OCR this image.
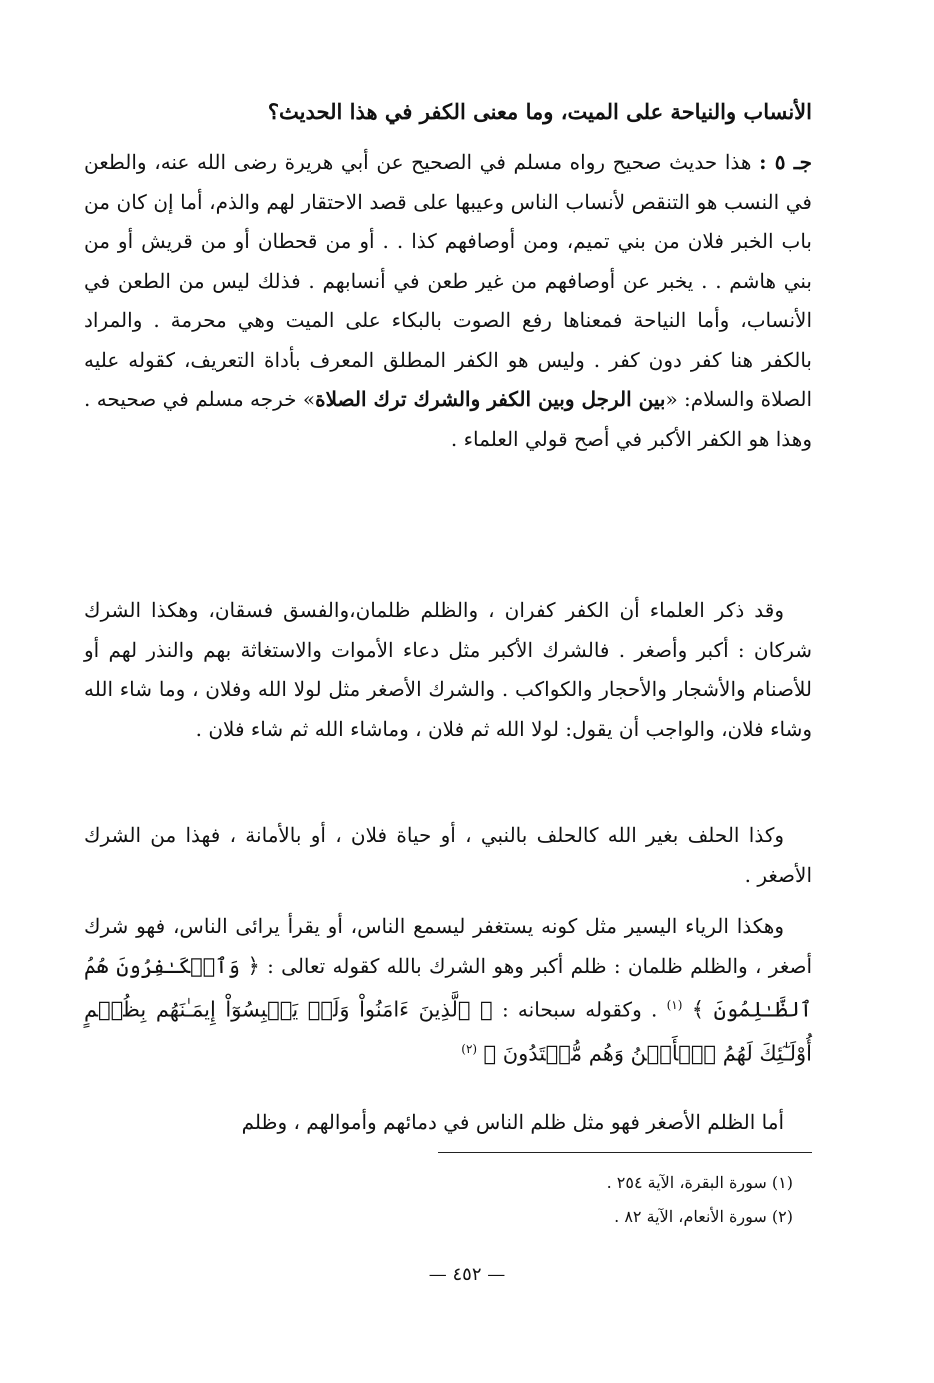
الأنساب والنياحة على الميت، وما معنى الكفر في هذا الحديث؟
جـ ٥ : هذا حديث صحيح رواه مسلم في الصحيح عن أبي هريرة رضى الله عنه، والطعن في النسب هو التنقص لأنساب الناس وعيبها على قصد الاحتقار لهم والذم، أما إن كان من باب الخبر فلان من بني تميم، ومن أوصافهم كذا . . أو من قحطان أو من قريش أو من بني هاشم . . يخبر عن أوصافهم من غير طعن في أنسابهم . فذلك ليس من الطعن في الأنساب، وأما النياحة فمعناها رفع الصوت بالبكاء على الميت وهي محرمة . والمراد بالكفر هنا كفر دون كفر . وليس هو الكفر المطلق المعرف بأداة التعريف، كقوله عليه الصلاة والسلام: «بين الرجل وبين الكفر والشرك ترك الصلاة» خرجه مسلم في صحيحه . وهذا هو الكفر الأكبر في أصح قولي العلماء .
وقد ذكر العلماء أن الكفر كفران ، والظلم ظلمان،والفسق فسقان، وهكذا الشرك شركان : أكبر وأصغر . فالشرك الأكبر مثل دعاء الأموات والاستغاثة بهم والنذر لهم أو للأصنام والأشجار والأحجار والكواكب . والشرك الأصغر مثل لولا الله وفلان ، وما شاء الله وشاء فلان، والواجب أن يقول: لولا الله ثم فلان ، وماشاء الله ثم شاء فلان .
وكذا الحلف بغير الله كالحلف بالنبي ، أو حياة فلان ، أو بالأمانة ، فهذا من الشرك الأصغر .
وهكذا الرياء اليسير مثل كونه يستغفر ليسمع الناس، أو يقرأ يرائى الناس، فهو شرك أصغر ، والظلم ظلمان : ظلم أكبر وهو الشرك بالله كقوله تعالى : ﴿ وَٱلۡكَـٰفِرُونَ هُمُ ٱلظَّـٰلِمُونَ ﴾ $^{(١)}$ . وكقوله سبحانه : ﴿ ٱلَّذِينَ ءَامَنُواْ وَلَمۡ يَلۡبِسُوٓاْ إِيمَـٰنَهُم بِظُلۡمٍ أُوْلَـٰٓئِكَ لَهُمُ ٱلۡأَمۡنُ وَهُم مُّهۡتَدُونَ ﴾ $^{(٢)}$
أما الظلم الأصغر فهو مثل ظلم الناس في دمائهم وأموالهم ، وظلم
(١) سورة البقرة، الآية ٢٥٤ .
(٢) سورة الأنعام، الآية ٨٢ .
— ٤٥٢ —
